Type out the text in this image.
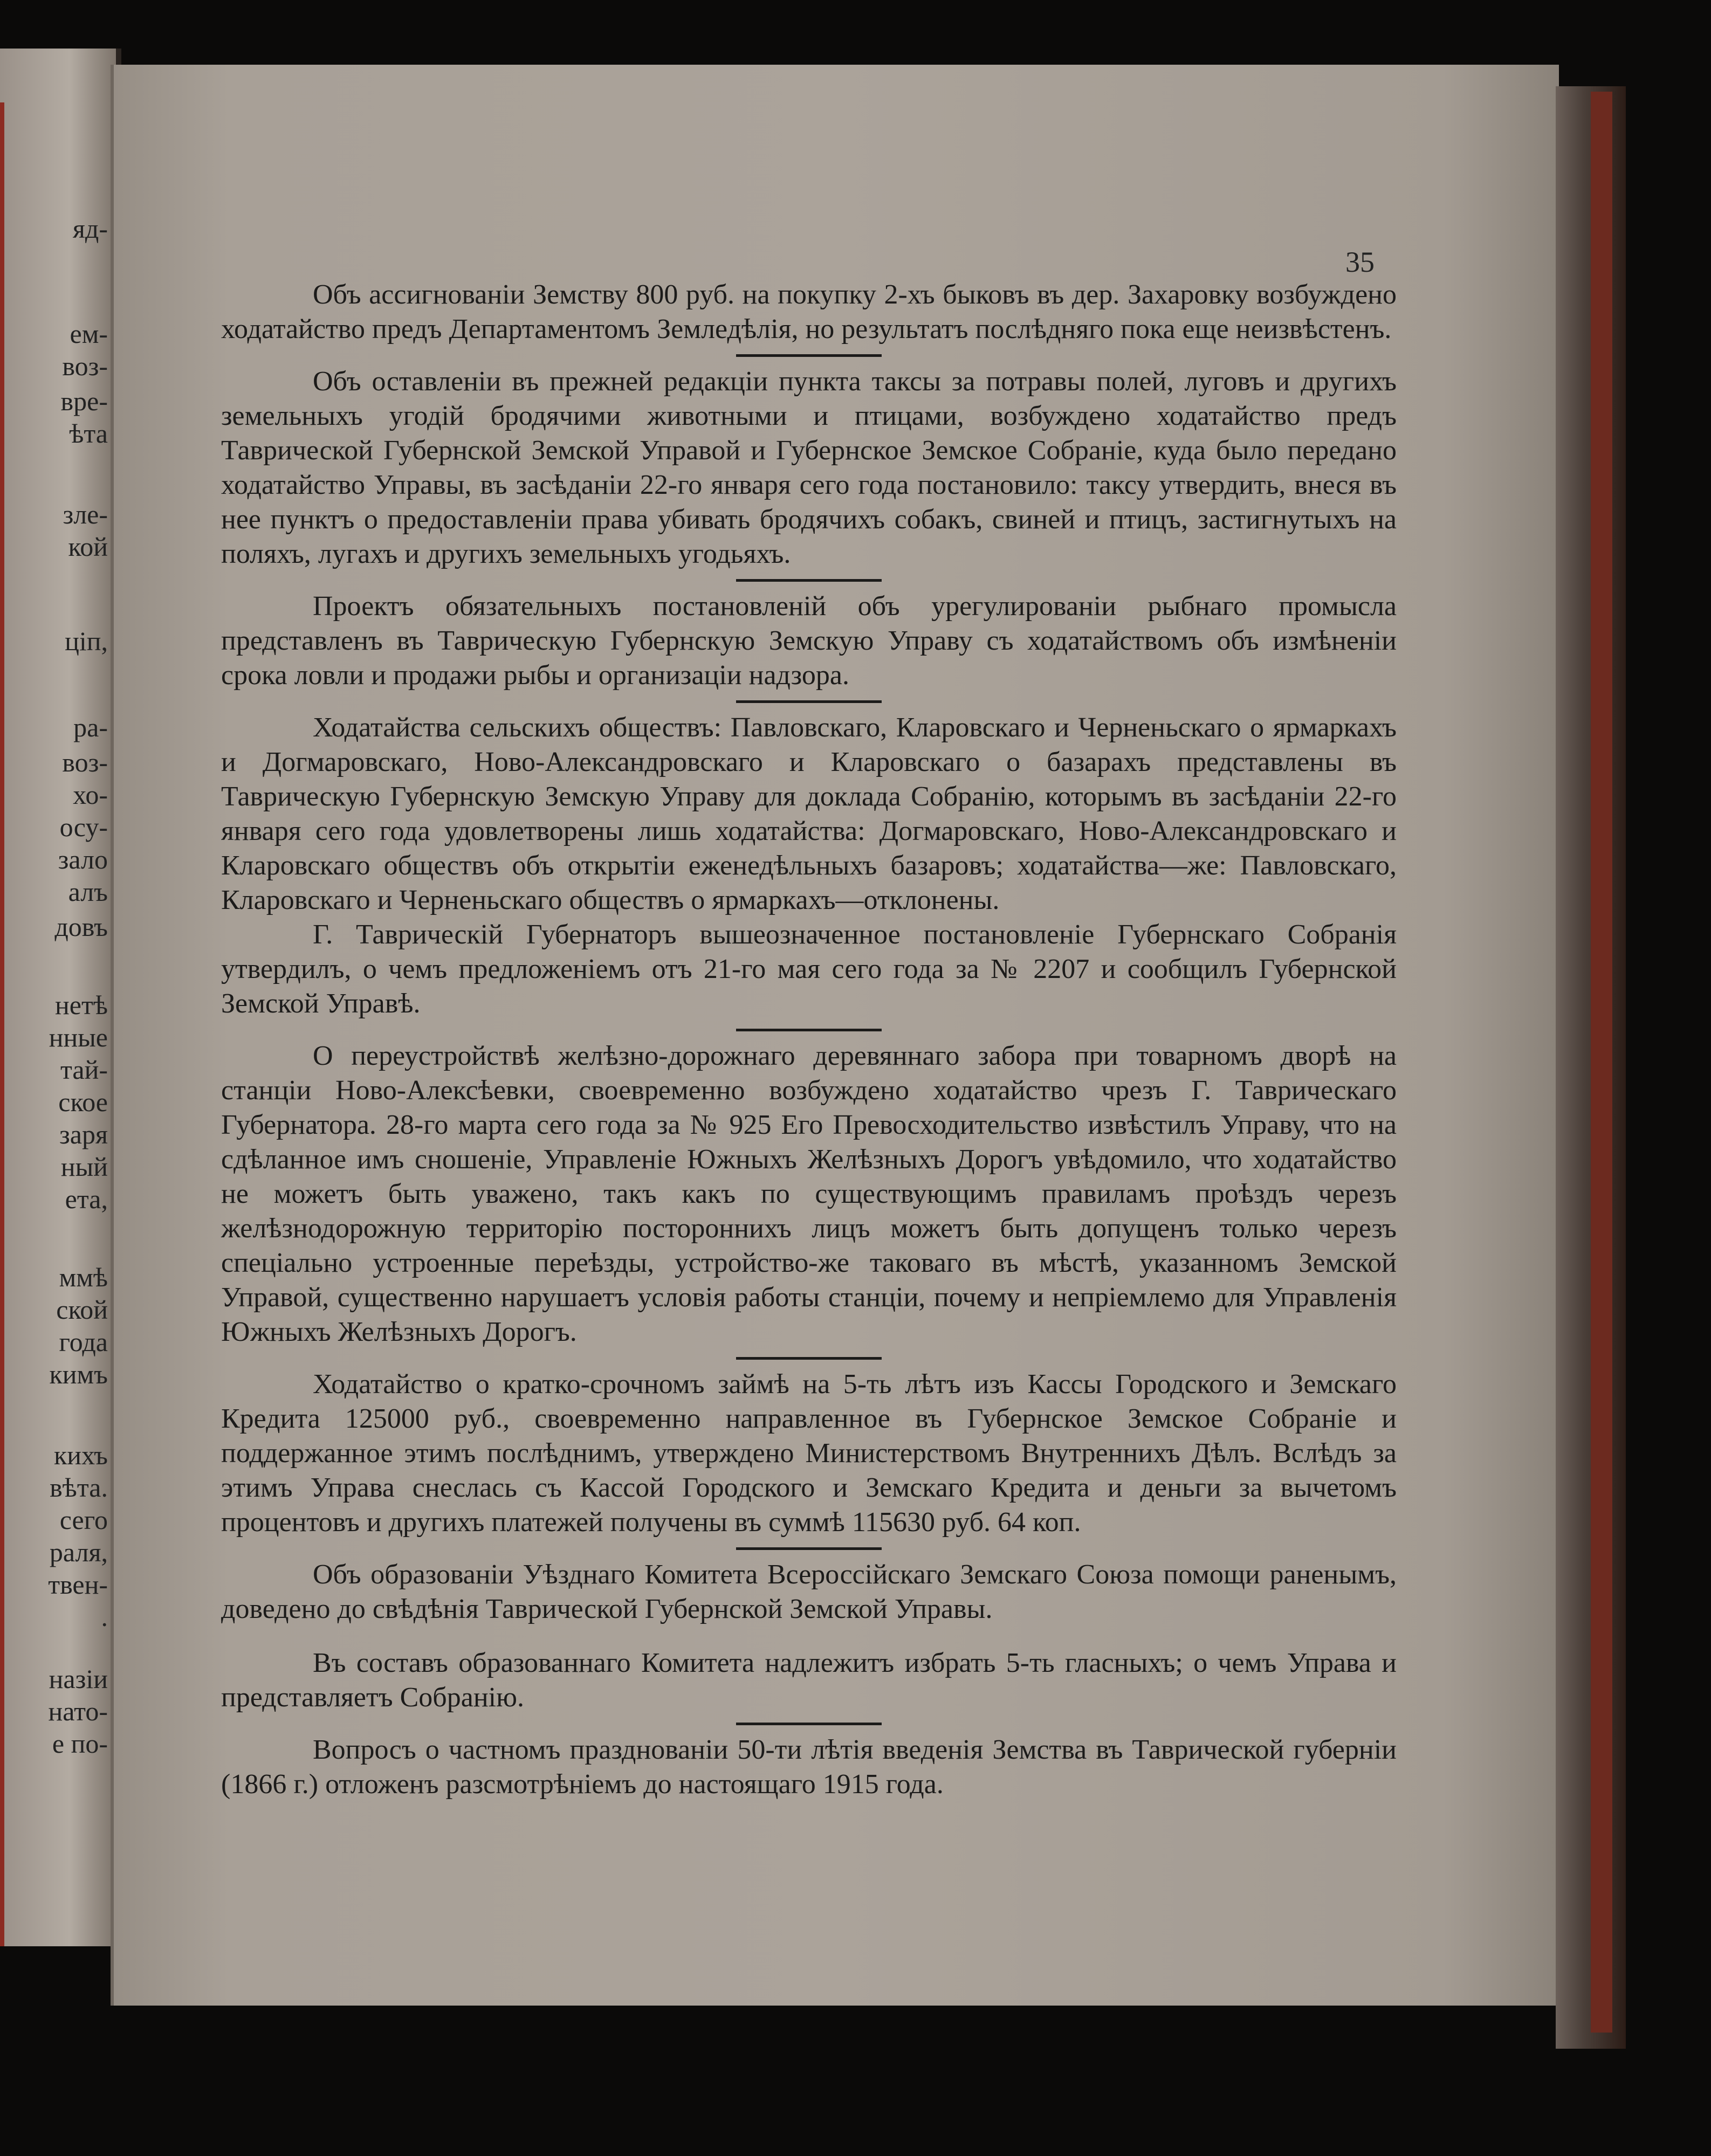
яд-
ем-
воз-
вре-
ѣта
зле-
кой
ціп,
ра-
воз-
хо-
осу-
зало
алъ
довъ
нетѣ
нные
тай-
ское
заря
ный
ета,
ммѣ
ской
года
кимъ
кихъ
вѣта.
сего
раля,
твен-
.
назіи
нато-
е по-
35

Объ ассигнованіи Земству 800 руб. на покупку 2-хъ быковъ въ дер. Захаровку возбуждено ходатайство предъ Департаментомъ Земледѣлія, но результатъ послѣдняго пока еще неизвѣстенъ.

Объ оставленіи въ прежней редакціи пункта таксы за потравы полей, луговъ и другихъ земельныхъ угодій бродячими животными и птицами, возбуждено ходатайство предъ Таврической Губернской Земской Управой и Губернское Земское Собраніе, куда было передано ходатайство Управы, въ засѣданіи 22-го января сего года постановило: таксу утвердить, внеся въ нее пунктъ о предоставленіи права убивать бродячихъ собакъ, свиней и птицъ, застигнутыхъ на поляхъ, лугахъ и другихъ земельныхъ угодьяхъ.

Проектъ обязательныхъ постановленій объ урегулированіи рыбнаго промысла представленъ въ Таврическую Губернскую Земскую Управу съ ходатайствомъ объ измѣненіи срока ловли и продажи рыбы и организаціи надзора.

Ходатайства сельскихъ обществъ: Павловскаго, Кларовскаго и Черненьскаго о ярмаркахъ и Догмаровскаго, Ново-Александровскаго и Кларовскаго о базарахъ представлены въ Таврическую Губернскую Земскую Управу для доклада Собранію, которымъ въ засѣданіи 22-го января сего года удовлетворены лишь ходатайства: Догмаровскаго, Ново-Александровскаго и Кларовскаго обществъ объ открытіи еженедѣльныхъ базаровъ; ходатайства—же: Павловскаго, Кларовскаго и Черненьскаго обществъ о ярмаркахъ—отклонены.

Г. Таврическій Губернаторъ вышеозначенное постановленіе Губернскаго Собранія утвердилъ, о чемъ предложеніемъ отъ 21-го мая сего года за № 2207 и сообщилъ Губернской Земской Управѣ.

О переустройствѣ желѣзно-дорожнаго деревяннаго забора при товарномъ дворѣ на станціи Ново-Алексѣевки, своевременно возбуждено ходатайство чрезъ Г. Таврическаго Губернатора. 28-го марта сего года за № 925 Его Превосходительство извѣстилъ Управу, что на сдѣланное имъ сношеніе, Управленіе Южныхъ Желѣзныхъ Дорогъ увѣдомило, что ходатайство не можетъ быть уважено, такъ какъ по существующимъ правиламъ проѣздъ черезъ желѣзнодорожную территорію постороннихъ лицъ можетъ быть допущенъ только черезъ спеціально устроенные переѣзды, устройство-же таковаго въ мѣстѣ, указанномъ Земской Управой, существенно нарушаетъ условія работы станціи, почему и непріемлемо для Управленія Южныхъ Желѣзныхъ Дорогъ.

Ходатайство о кратко-срочномъ займѣ на 5-ть лѣтъ изъ Кассы Городского и Земскаго Кредита 125000 руб., своевременно направленное въ Губернское Земское Собраніе и поддержанное этимъ послѣднимъ, утверждено Министерствомъ Внутреннихъ Дѣлъ. Вслѣдъ за этимъ Управа снеслась съ Кассой Городского и Земскаго Кредита и деньги за вычетомъ процентовъ и другихъ платежей получены въ суммѣ 115630 руб. 64 коп.

Объ образованіи Уѣзднаго Комитета Всероссійскаго Земскаго Союза помощи раненымъ, доведено до свѣдѣнія Таврической Губернской Земской Управы.

Въ составъ образованнаго Комитета надлежитъ избрать 5-ть гласныхъ; о чемъ Управа и представляетъ Собранію.

Вопросъ о частномъ празднованіи 50-ти лѣтія введенія Земства въ Таврической губерніи (1866 г.) отложенъ разсмотрѣніемъ до настоящаго 1915 года.
